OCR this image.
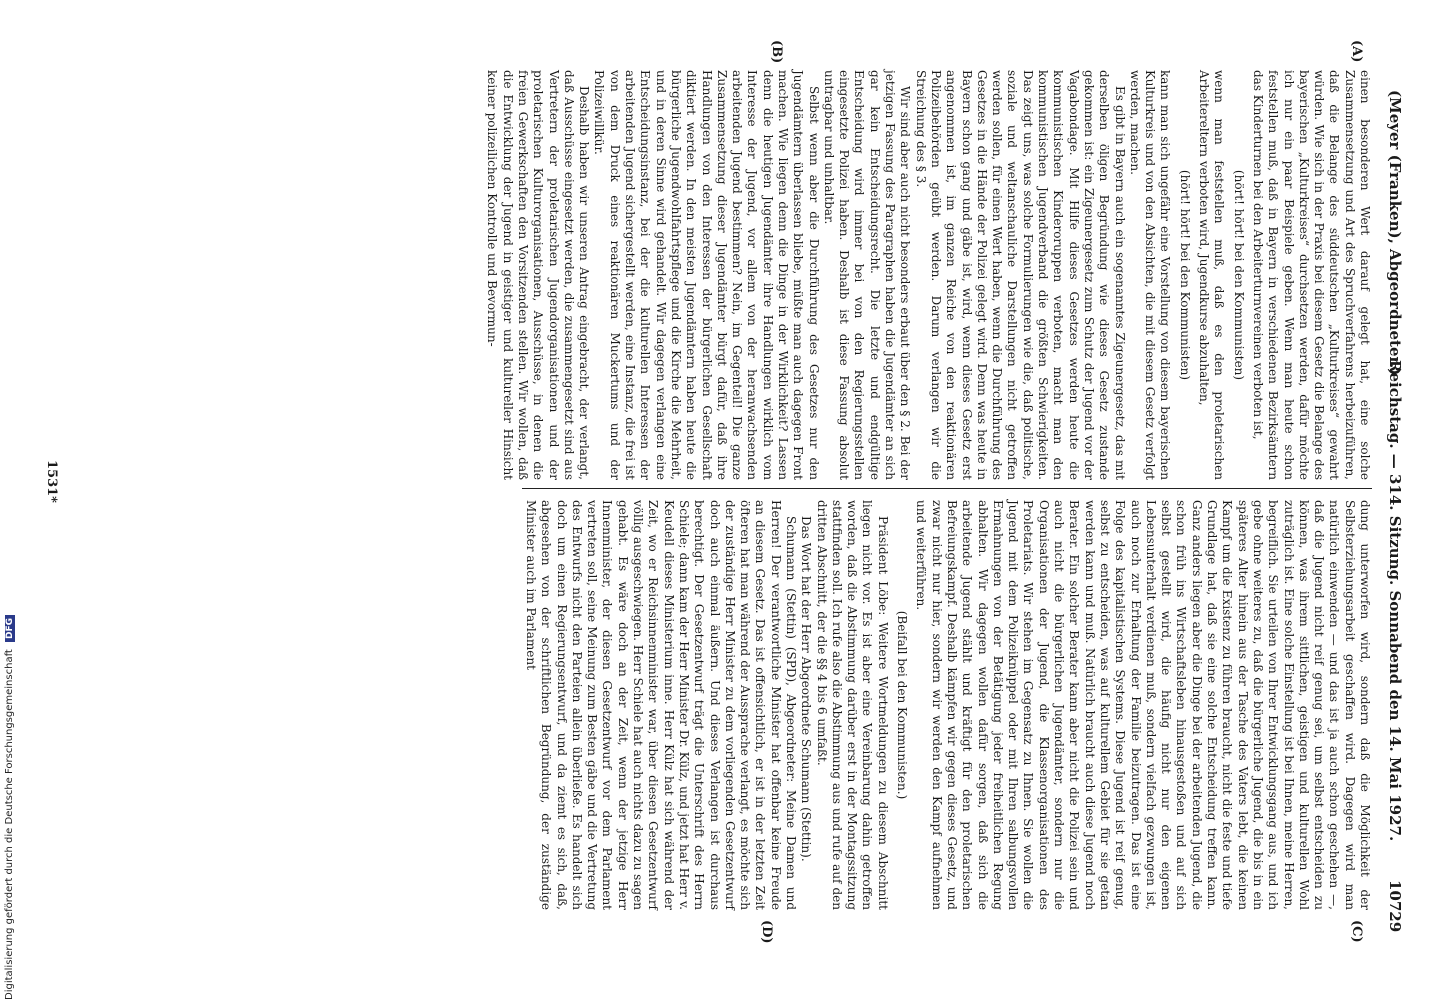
(Meyer (Franken), Abgeordneter.)
Reichstag. — 314. Sitzung. Sonnabend den 14. Mai 1927.
10729
(A)
(B)
(C)
(D)

einen besonderen Wert darauf gelegt hat, eine solche Zusammensetzung und Art des Spruchverfahrens herbeizuführen, daß die Belange des süddeutschen „Kulturkreises“ gewahrt würden. Wie sich in der Praxis bei diesem Gesetz die Belange des bayerischen „Kulturkreises“ durchsetzen werden, dafür möchte ich nur ein paar Beispiele geben. Wenn man heute schon feststellen muß, daß in Bayern in verschiedenen Bezirksämtern das Kinderturnen bei den Arbeiterturnvereinen verboten ist,

(hört! hört! bei den Kommunisten)

wenn man feststellen muß, daß es den proletarischen Arbeitereltern verboten wird, Jugendkurse abzuhalten,

(hört! hört! bei den Kommunisten)

kann man sich ungefähr eine Vorstellung von diesem bayerischen Kulturkreis und von den Absichten, die mit diesem Gesetz verfolgt werden, machen.

Es gibt in Bayern auch ein sogenanntes Zigeunergesetz, das mit derselben öligen Begründung wie dieses Gesetz zustande gekommen ist: ein Zigeunergesetz zum Schutz der Jugend vor der Vagabondage. Mit Hilfe dieses Gesetzes werden heute die kommunistischen Kinderoruppen verboten, macht man den kommunistischen Jugendverband die größten Schwierigkeiten. Das zeigt uns, was solche Formulierungen wie die, daß politische, soziale und weltanschauliche Darstellungen nicht getroffen werden sollen, für einen Wert haben, wenn die Durchführung des Gesetzes in die Hände der Polizei gelegt wird. Denn was heute in Bayern schon gang und gäbe ist, wird, wenn dieses Gesetz erst angenommen ist, im ganzen Reiche von den reaktionären Polizeibehörden geübt werden. Darum verlangen wir die Streichung des § 3.

Wir sind aber auch nicht besonders erbaut über den § 2. Bei der jetzigen Fassung des Paragraphen haben die Jugendämter an sich gar kein Entscheidungsrecht. Die letzte und endgültige Entscheidung wird immer bei von den Regierungsstellen eingesetzte Polizei haben. Deshalb ist diese Fassung absolut untragbar und unhaltbar.

Selbst wenn aber die Durchführung des Gesetzes nur den Jugendämtern überlassen bliebe, müßte man auch dagegen Front machen. Wie liegen denn die Dinge in der Wirklichkeit? Lassen denn die heutigen Jugendämter ihre Handlungen wirklich vom Interesse der Jugend, vor allem von der heranwachsenden arbeitenden Jugend bestimmen? Nein, im Gegenteil! Die ganze Zusammensetzung dieser Jugendämter bürgt dafür, daß ihre Handlungen von den Interessen der bürgerlichen Gesellschaft diktiert werden. In den meisten Jugendämtern haben heute die bürgerliche Jugendwohlfahrtspflege und die Kirche die Mehrheit, und in deren Sinne wird gehandelt. Wir dagegen verlangen eine Entscheidungsinstanz, bei der die kulturellen Interessen der arbeitenden Jugend sichergestellt werden, eine Instanz, die frei ist von dem Druck eines reaktionären Muckertums und der Polizeiwillkür.

Deshalb haben wir unseren Antrag eingebracht, der verlangt, daß Ausschüsse eingesetzt werden, die zusammengesetzt sind aus Vertretern der proletarischen Jugendorganisationen und der proletarischen Kulturorganisationen, Ausschüsse, in denen die freien Gewerkschaften den Vorsitzenden stellen. Wir wollen, daß die Entwicklung der Jugend in geistiger und kultureller Hinsicht keiner polizeilichen Kontrolle und Bevormun-

dung unterworfen wird, sondern daß die Möglichkeit der Selbsterziehungsarbeit geschaffen wird. Dagegen wird man natürlich einwenden — und das ist ja auch schon geschehen —, daß die Jugend nicht reif genug sei, um selbst entscheiden zu können, was ihrem sittlichen, geistigen und kulturellen Wohl zuträglich ist. Eine solche Einstellung ist bei Ihnen, meine Herren, begreiflich. Sie urteilen von Ihrer Entwicklungsgang aus, und ich gebe ohne weiteres zu, daß die bürgerliche Jugend, die bis in ein späteres Alter hinein aus der Tasche des Vaters lebt, die keinen Kampf um die Existenz zu führen braucht, nicht die feste und tiefe Grundlage hat, daß sie eine solche Entscheidung treffen kann. Ganz anders liegen aber die Dinge bei der arbeitenden Jugend, die schon früh ins Wirtschaftsleben hinausgestoßen und auf sich selbst gestellt wird, die häufig nicht nur den eigenen Lebensunterhalt verdienen muß, sondern vielfach gezwungen ist, auch noch zur Erhaltung der Familie beizutragen. Das ist eine Folge des kapitalistischen Systems. Diese Jugend ist reif genug, selbst zu entscheiden, was auf kulturellem Gebiet für sie getan werden kann und muß. Natürlich braucht auch diese Jugend noch Berater. Ein solcher Berater kann aber nicht die Polizei sein und auch nicht die bürgerlichen Jugendämter, sondern nur die Organisationen der Jugend, die Klassenorganisationen des Proletariats. Wir stehen im Gegensatz zu Ihnen. Sie wollen die Jugend mit dem Polizeiknüppel oder mit Ihren salbungsvollen Ermahnungen von der Betätigung jeder freiheitlichen Regung abhalten. Wir dagegen wollen dafür sorgen, daß sich die arbeitende Jugend stählt und kräftigt für den proletarischen Befreiungskampf. Deshalb kämpfen wir gegen dieses Gesetz, und zwar nicht nur hier, sondern wir werden den Kampf aufnehmen und weiterführen.

(Beifall bei den Kommunisten.)

Präsident Löbe: Weitere Wortmeldungen zu diesem Abschnitt liegen nicht vor. Es ist aber eine Vereinbarung dahin getroffen worden, daß die Abstimmung darüber erst in der Montagssitzung stattfinden soll. Ich rufe also die Abstimmung aus und rufe auf den dritten Abschnitt, der die §§ 4 bis 6 umfaßt.

Das Wort hat der Herr Abgeordnete Schumann (Stettin).

Schumann (Stettin) (SPD), Abgeordneter: Meine Damen und Herren! Der verantwortliche Minister hat offenbar keine Freude an diesem Gesetz. Das ist offensichtlich, er ist in der letzten Zeit öfteren hat man während der Aussprache verlangt, es möchte sich der zuständige Herr Minister zu dem vorliegenden Gesetzentwurf doch auch einmal äußern. Und dieses Verlangen ist durchaus berechtigt. Der Gesetzentwurf trägt die Unterschrift des Herrn Schiele; dann kam der Herr Minister Dr. Külz, und jetzt hat Herr v. Keudell dieses Ministerium inne. Herr Külz hat sich während der Zeit, wo er Reichsinnenminister war, über diesen Gesetzentwurf völlig ausgeschwiegen. Herr Schiele hat auch nichts dazu zu sagen gehabt. Es wäre doch an der Zeit, wenn der jetzige Herr Innenminister, der diesen Gesetzentwurf vor dem Parlament vertreten soll, seine Meinung zum Besten gäbe und die Vertretung des Entwurfs nicht den Parteien allein überließe. Es handelt sich doch um einen Regierungsentwurf, und da ziemt es sich, daß, abgesehen von der schriftlichen Begründung, der zuständige Minister auch im Parlament

1531*
Digitalisierung gefördert durch die Deutsche Forschungsgemeinschaft DFG
